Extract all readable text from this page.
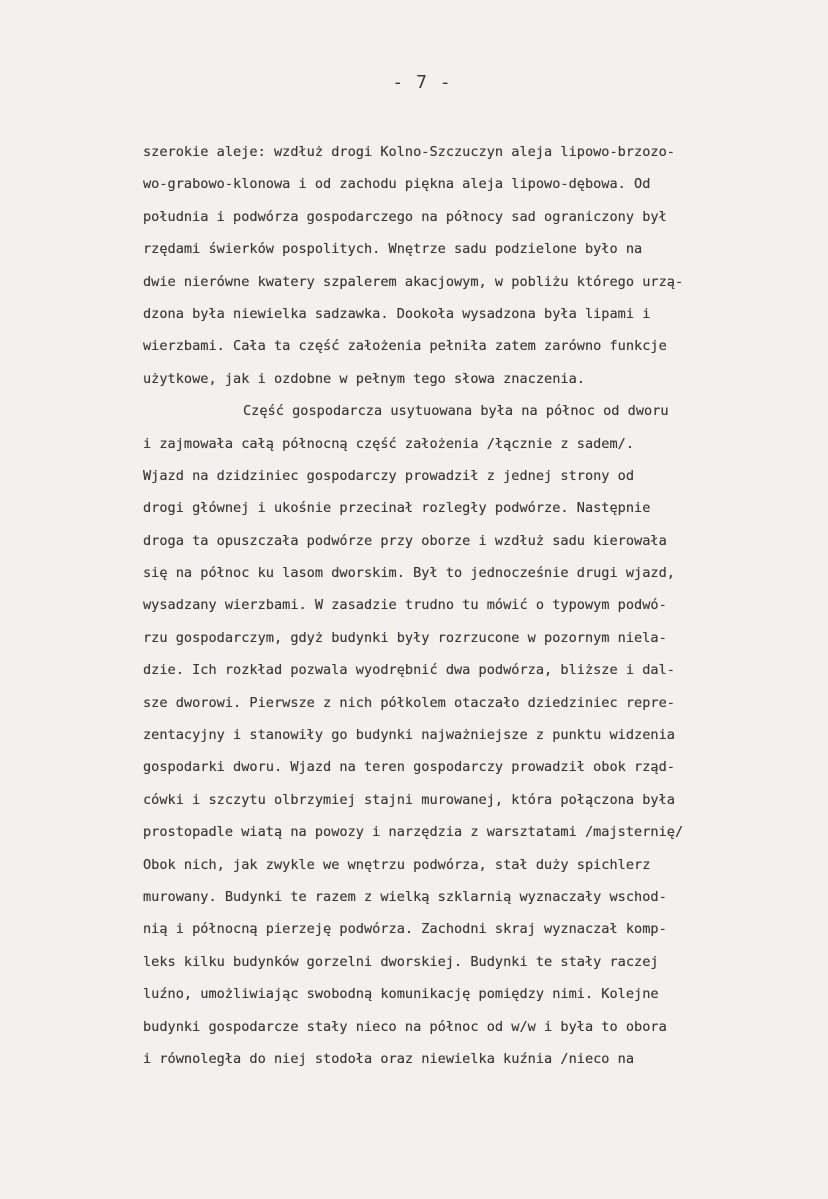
- 7 -
szerokie aleje: wzdłuż drogi Kolno-Szczuczyn aleja lipowo-brzozo-
wo-grabowo-klonowa i od zachodu piękna aleja lipowo-dębowa. Od
południa i podwórza gospodarczego na północy sad ograniczony był
rzędami świerków pospolitych. Wnętrze sadu podzielone było na
dwie nierówne kwatery szpalerem akacjowym, w pobliżu którego urzą-
dzona była niewielka sadzawka. Dookoła wysadzona była lipami i
wierzbami. Cała ta część założenia pełniła zatem zarówno funkcje
użytkowe, jak i ozdobne w pełnym tego słowa znaczenia.
Część gospodarcza usytuowana była na północ od dworu
i zajmowała całą północną część założenia /łącznie z sadem/.
Wjazd na dzidziniec gospodarczy prowadził z jednej strony od
drogi głównej i ukośnie przecinał rozległy podwórze. Następnie
droga ta opuszczała podwórze przy oborze i wzdłuż sadu kierowała
się na północ ku lasom dworskim. Był to jednocześnie drugi wjazd,
wysadzany wierzbami. W zasadzie trudno tu mówić o typowym podwó-
rzu gospodarczym, gdyż budynki były rozrzucone w pozornym niela-
dzie. Ich rozkład pozwala wyodrębnić dwa podwórza, bliższe i dal-
sze dworowi. Pierwsze z nich półkolem otaczało dziedziniec repre-
zentacyjny i stanowiły go budynki najważniejsze z punktu widzenia
gospodarki dworu. Wjazd na teren gospodarczy prowadził obok rząd-
cówki i szczytu olbrzymiej stajni murowanej, która połączona była
prostopadle wiatą na powozy i narzędzia z warsztatami /majsternię/
Obok nich, jak zwykle we wnętrzu podwórza, stał duży spichlerz
murowany. Budynki te razem z wielką szklarnią wyznaczały wschod-
nią i północną pierzeję podwórza. Zachodni skraj wyznaczał komp-
leks kilku budynków gorzelni dworskiej. Budynki te stały raczej
luźno, umożliwiając swobodną komunikację pomiędzy nimi. Kolejne
budynki gospodarcze stały nieco na północ od w/w i była to obora
i równoległa do niej stodoła oraz niewielka kuźnia /nieco na
